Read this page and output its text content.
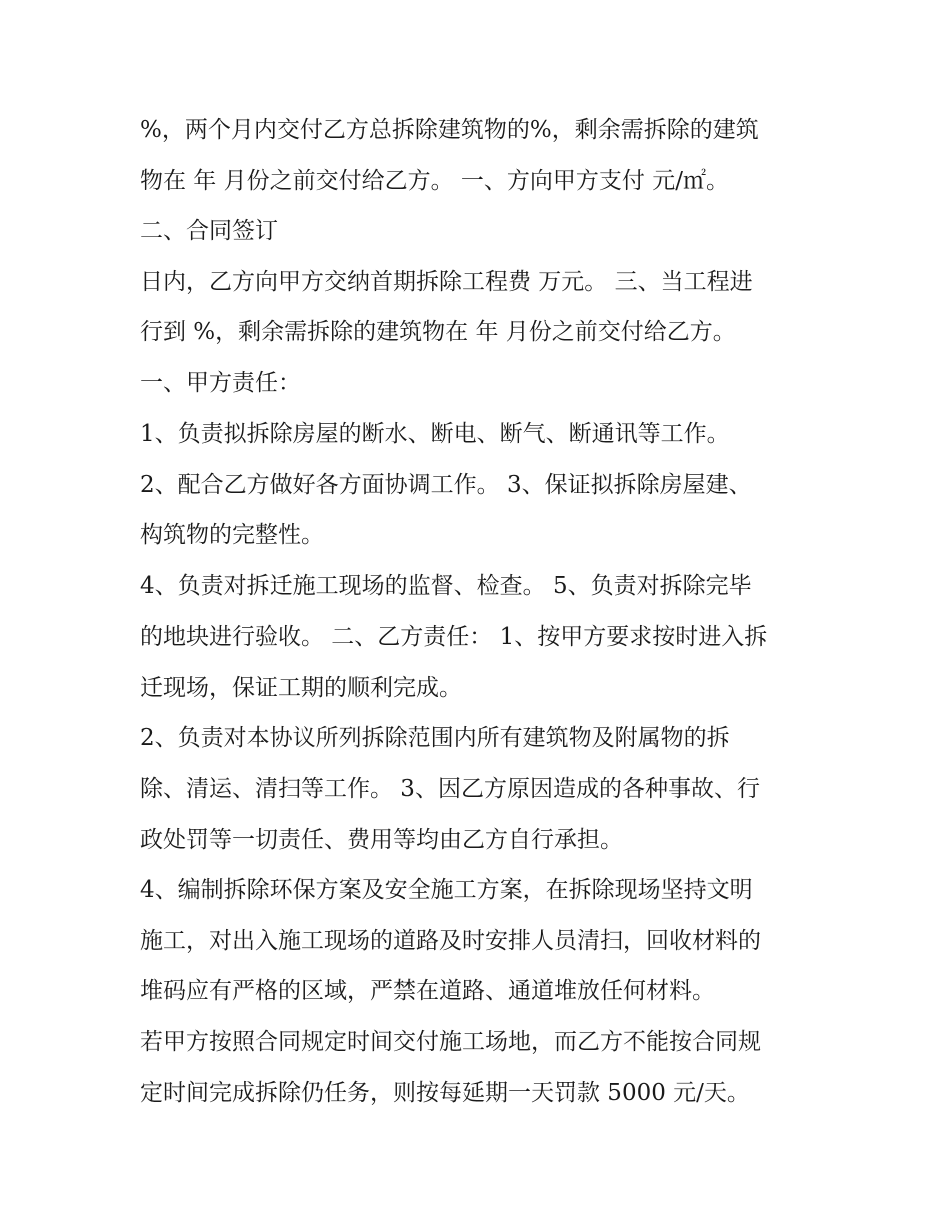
%，两个月内交付乙方总拆除建筑物的%，剩余需拆除的建筑
物在 年 月份之前交付给乙方。 一、方向甲方支付 元/㎡。
二、合同签订
日内，乙方向甲方交纳首期拆除工程费 万元。 三、当工程进
行到 %，剩余需拆除的建筑物在 年 月份之前交付给乙方。
一、甲方责任：
1、负责拟拆除房屋的断水、断电、断气、断通讯等工作。
2、配合乙方做好各方面协调工作。 3、保证拟拆除房屋建、
构筑物的完整性。
4、负责对拆迁施工现场的监督、检查。 5、负责对拆除完毕
的地块进行验收。 二、乙方责任： 1、按甲方要求按时进入拆
迁现场，保证工期的顺利完成。
2、负责对本协议所列拆除范围内所有建筑物及附属物的拆
除、清运、清扫等工作。 3、因乙方原因造成的各种事故、行
政处罚等一切责任、费用等均由乙方自行承担。
4、编制拆除环保方案及安全施工方案，在拆除现场坚持文明
施工，对出入施工现场的道路及时安排人员清扫，回收材料的
堆码应有严格的区域，严禁在道路、通道堆放任何材料。
若甲方按照合同规定时间交付施工场地，而乙方不能按合同规
定时间完成拆除仍任务，则按每延期一天罚款 5000 元/天。
